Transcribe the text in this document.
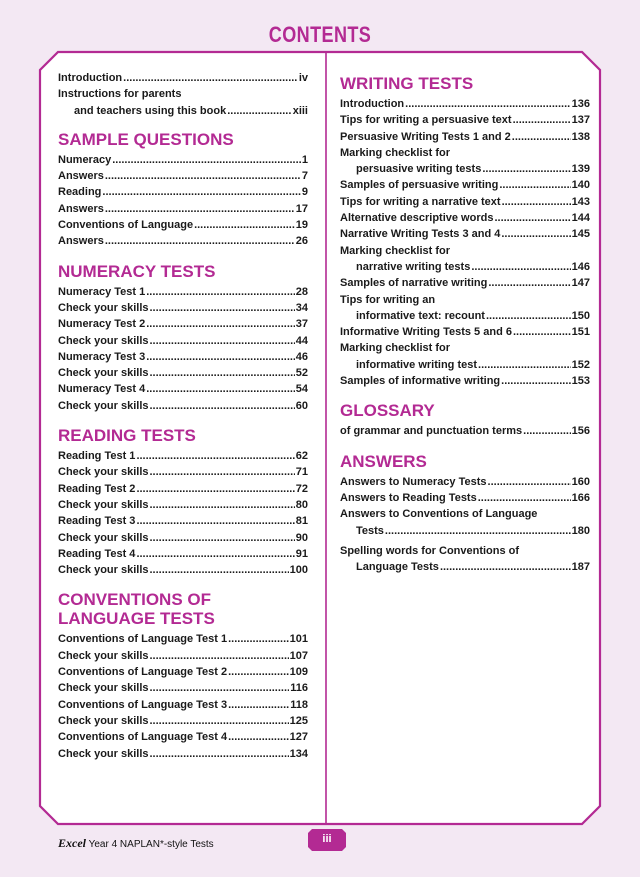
CONTENTS
Introduction .....	iv
Instructions for parents
and teachers using this book .....	xiii
SAMPLE QUESTIONS
Numeracy .....	1
Answers .....	7
Reading .....	9
Answers .....	17
Conventions of Language .....	19
Answers .....	26
NUMERACY TESTS
Numeracy Test 1 .....	28
Check your skills .....	34
Numeracy Test 2 .....	37
Check your skills .....	44
Numeracy Test 3 .....	46
Check your skills .....	52
Numeracy Test 4 .....	54
Check your skills .....	60
READING TESTS
Reading Test 1 .....	62
Check your skills .....	71
Reading Test 2 .....	72
Check your skills .....	80
Reading Test 3 .....	81
Check your skills .....	90
Reading Test 4 .....	91
Check your skills .....	100
CONVENTIONS OF
LANGUAGE TESTS
Conventions of Language Test 1 .....	101
Check your skills .....	107
Conventions of Language Test 2 .....	109
Check your skills .....	116
Conventions of Language Test 3 .....	118
Check your skills .....	125
Conventions of Language Test 4 .....	127
Check your skills .....	134
WRITING TESTS
Introduction .....	136
Tips for writing a persuasive text .....	137
Persuasive Writing Tests 1 and 2 .....	138
Marking checklist for
persuasive writing tests .....	139
Samples of persuasive writing .....	140
Tips for writing a narrative text .....	143
Alternative descriptive words .....	144
Narrative Writing Tests 3 and 4 .....	145
Marking checklist for
narrative writing tests .....	146
Samples of narrative writing .....	147
Tips for writing an
informative text: recount .....	150
Informative Writing Tests 5 and 6 .....	151
Marking checklist for
informative writing test .....	152
Samples of informative writing .....	153
GLOSSARY
of grammar and punctuation terms .....	156
ANSWERS
Answers to Numeracy Tests .....	160
Answers to Reading Tests .....	166
Answers to Conventions of Language
Tests .....	180
Spelling words for Conventions of
Language Tests .....	187
Excel Year 4 NAPLAN*-style Tests	iii
